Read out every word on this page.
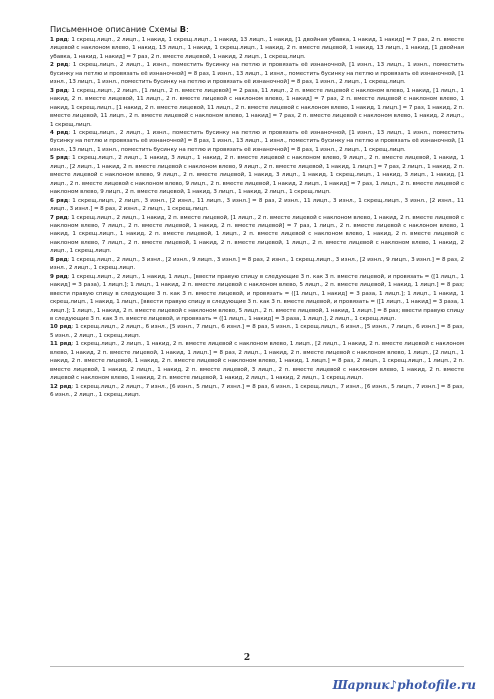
Письменное описание Схемы В:

1 ряд: 1 скрещ.лицп., 2 лицп., 1 накид, 1 скрещ.лицп., 1 накид, 13 лицп., 1 накид, [1 двойная убавка, 1 накид, 1 накид] = 7 раз, 2 п. вместе лицевой с наклоном влево, 1 накид, 13 лицп., 1 накид, 1 скрещ.лицп., 1 накид, 2 п. вместе лицевой, 1 накид, 13 лицп., 1 накид, [1 двойная убавка, 1 накид, 1 накид] = 7 раз, 2 п. вместе лицевой, 1 накид, 2 лицп., 1 скрещ.лицп.

2 ряд: 1 скрещ.лицп., 2 лицп., 1 изнл., поместить бусинку на петлю и провязать её изнаночной, [1 изнл., 13 лицп., 1 изнл., поместить бусинку на петлю и провязать её изнаночной] = 8 раз, 1 изнл., 13 лицп., 1 изнл., поместить бусинку на петлю и провязать её изнаночной, [1 изнл., 13 лицп., 1 изнл., поместить бусинку на петлю и провязать её изнаночной] = 8 раз, 1 изнл., 2 лицп., 1 скрещ.лицп.

3 ряд: 1 скрещ.лицп., 2 лицп., [1 лицп., 2 п. вместе лицевой] = 2 раза, 11 лицп., 2 п. вместе лицевой с наклоном влево, 1 накид, [1 лицп., 1 накид, 2 п. вместе лицевой, 11 лицп., 2 п. вместе лицевой с наклоном влево, 1 накид] = 7 раз, 2 п. вместе лицевой с наклоном влево, 1 накид, 1 скрещ.лицп., [1 накид, 2 п. вместе лицевой, 11 лицп., 2 п. вместе лицевой с наклоном влево, 1 накид, 1 лицп.] = 7 раз, 1 накид, 2 п. вместе лицевой, 11 лицп., 2 п. вместе лицевой с наклоном влево, 1 накид] = 7 раз, 2 п. вместе лицевой с наклоном влево, 1 накид, 2 лицп., 1 скрещ.лицп.

4 ряд: 1 скрещ.лицп., 2 лицп., 1 изнл., поместить бусинку на петлю и провязать её изнаночной, [1 изнл., 13 лицп., 1 изнл., поместить бусинку на петлю и провязать её изнаночной] = 8 раз, 1 изнл., 13 лицп., 1 изнл., поместить бусинку на петлю и провязать её изнаночной, [1 изнл., 13 лицп., 1 изнл., поместить бусинку на петлю и провязать её изнаночной] = 8 раз, 1 изнл., 2 лицп., 1 скрещ.лицп.

5 ряд: 1 скрещ.лицп., 2 лицп., 1 накид, 3 лицп., 1 накид, 2 п. вместе лицевой с наклоном влево, 9 лицп., 2 п. вместе лицевой, 1 накид, 1 лицп., [2 лицп., 1 накид, 2 п. вместе лицевой с наклоном влево, 9 лицп., 2 п. вместе лицевой, 1 накид, 1 лицп.] = 7 раз, 2 лицп., 1 накид, 2 п. вместе лицевой с наклоном влево, 9 лицп., 2 п. вместе лицевой, 1 накид, 3 лицп., 1 накид, 1 скрещ.лицп., 1 накид, 3 лицп., 1 накид, [1 лицп., 2 п. вместе лицевой с наклоном влево, 9 лицп., 2 п. вместе лицевой, 1 накид, 2 лицп., 1 накид] = 7 раз, 1 лицп., 2 п. вместе лицевой с наклоном влево, 9 лицп., 2 п. вместе лицевой, 1 накид, 3 лицп., 1 накид, 2 лицп., 1 скрещ.лицп.

6 ряд: 1 скрещ.лицп., 2 лицп., 3 изнл., [2 изнл., 11 лицп., 3 изнл.] = 8 раз, 2 изнл., 11 лицп., 3 изнл., 1 скрещ.лицп., 3 изнл., [2 изнл., 11 лицп., 3 изнл.] = 8 раз, 2 изнл., 2 лицп., 1 скрещ.лицп.

7 ряд: 1 скрещ.лицп., 2 лицп., 1 накид, 2 п. вместе лицевой, [1 лицп., 2 п. вместе лицевой с наклоном влево, 1 накид, 2 п. вместе лицевой с наклоном влево, 7 лицп., 2 п. вместе лицевой, 1 накид, 2 п. вместе лицевой] = 7 раз, 1 лицп., 2 п. вместе лицевой с наклоном влево, 1 накид, 1 скрещ.лицп., 1 накид, 2 п. вместе лицевой, 1 лицп., 2 п. вместе лицевой с наклоном влево, 1 накид, 2 п. вместе лицевой с наклоном влево, 7 лицп., 2 п. вместе лицевой, 1 накид, 2 п. вместе лицевой, 1 лицп., 2 п. вместе лицевой с наклоном влево, 1 накид, 2 лицп., 1 скрещ.лицп.

8 ряд: 1 скрещ.лицп., 2 лицп., 3 изнл., [2 изнл., 9 лицп., 3 изнл.] = 8 раз, 2 изнл., 1 скрещ.лицп., 3 изнл., [2 изнл., 9 лицп., 3 изнл.] = 8 раз, 2 изнл., 2 лицп., 1 скрещ.лицп.

9 ряд: 1 скрещ.лицп., 2 лицп., 1 накид, 1 лицп., [ввести правую спицу в следующие 3 п. как 3 п. вместе лицевой, и провязать = ([1 лицп., 1 накид] = 3 раза), 1 лицп.]; 1 лицп., 1 накид, 2 п. вместе лицевой с наклоном влево, 5 лицп., 2 п. вместе лицевой, 1 накид, 1 лицп.] = 8 раз; ввести правую спицу в следующие 3 п. как 3 п. вместе лицевой, и провязать = ([1 лицп., 1 накид] = 3 раза, 1 лицп.]; 1 лицп., 1 накид, 1 скрещ.лицп., 1 накид, 1 лицп., [ввести правую спицу в следующие 3 п. как 3 п. вместе лицевой, и провязать = ([1 лицп., 1 накид] = 3 раза, 1 лицп.]; 1 лицп., 1 накид, 2 п. вместе лицевой с наклоном влево, 5 лицп., 2 п. вместе лицевой, 1 накид, 1 лицп.] = 8 раз; ввести правую спицу в следующие 3 п. как 3 п. вместе лицевой, и провязать = ([1 лицп., 1 накид] = 3 раза, 1 лицп.], 2 лицп., 1 скрещ.лицп.

10 ряд: 1 скрещ.лицп., 2 лицп., 6 изнл., [5 изнл., 7 лицп., 6 изнл.] = 8 раз, 5 изнл., 1 скрещ.лицп., 6 изнл., [5 изнл., 7 лицп., 6 изнл.] = 8 раз, 5 изнл., 2 лицп., 1 скрещ.лицп.

11 ряд: 1 скрещ.лицп., 2 лицп., 1 накид, 2 п. вместе лицевой с наклоном влево, 1 лицп., [2 лицп., 1 накид, 2 п. вместе лицевой с наклоном влево, 1 накид, 2 п. вместе лицевой, 1 накид, 1 лицп.] = 8 раз, 2 лицп., 1 накид, 2 п. вместе лицевой с наклоном влево, 1 лицп., [2 лицп., 1 накид, 2 п. вместе лицевой, 1 накид, 2 п. вместе лицевой с наклоном влево, 1 накид, 1 лицп.] = 8 раз, 2 лицп., 1 скрещ.лицп., 1 лицп., 2 п. вместе лицевой, 1 накид, 2 лицп., 1 накид, 2 п. вместе лицевой, 3 лицп., 2 п. вместе лицевой с наклоном влево, 1 накид, 2 п. вместе лицевой с наклоном влево, 1 накид, 2 п. вместе лицевой, 1 накид, 2 лицп., 1 накид, 2 лицп., 1 скрещ.лицп.

12 ряд: 1 скрещ.лицп., 2 лицп., 7 изнл., [6 изнл., 5 лицп., 7 изнл.] = 8 раз, 6 изнл., 1 скрещ.лицп., 7 изнл., [6 изнл., 5 лицп., 7 изнл.] = 8 раз, 6 изнл., 2 лицп., 1 скрещ.лицп.

2
Шарпик♪photofile.ru
